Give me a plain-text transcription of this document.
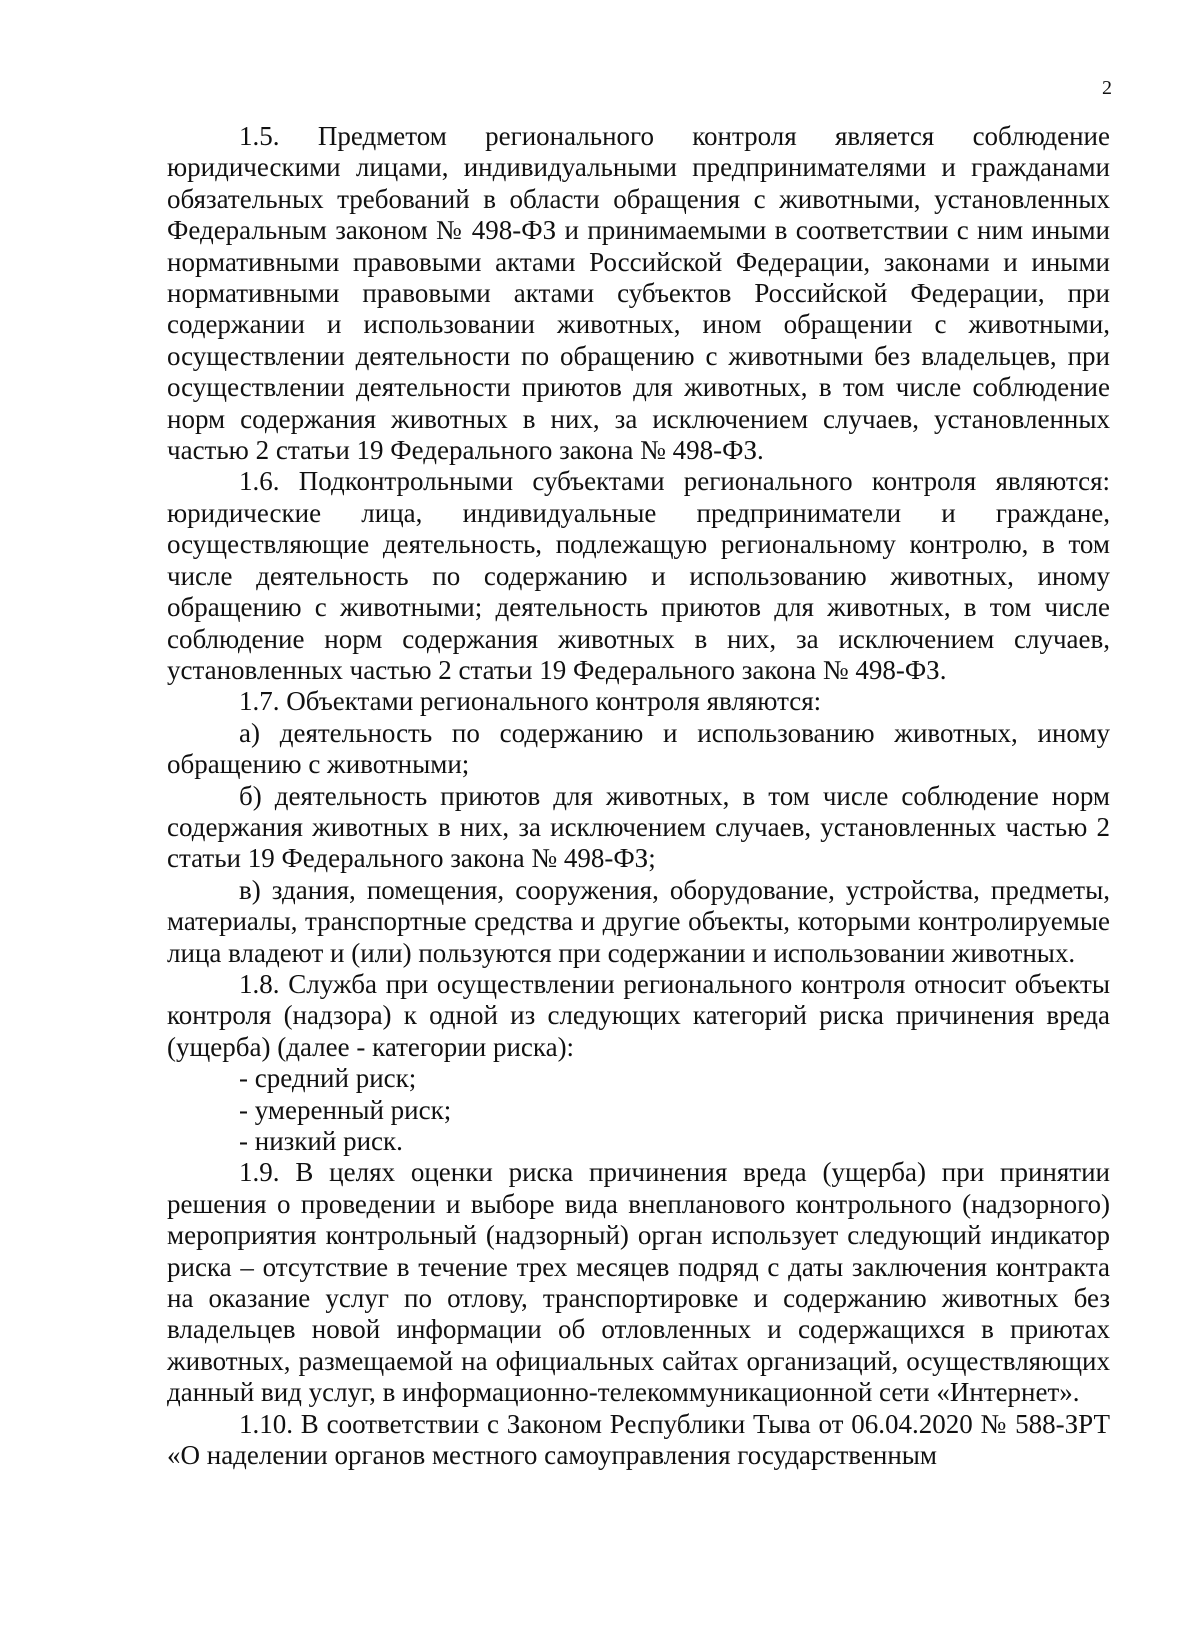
2

1.5. Предметом регионального контроля является соблюдение юридическими лицами, индивидуальными предпринимателями и гражданами обязательных требований в области обращения с животными, установленных Федеральным законом № 498-ФЗ и принимаемыми в соответствии с ним иными нормативными правовыми актами Российской Федерации, законами и иными нормативными правовыми актами субъектов Российской Федерации, при содержании и использовании животных, ином обращении с животными, осуществлении деятельности по обращению с животными без владельцев, при осуществлении деятельности приютов для животных, в том числе соблюдение норм содержания животных в них, за исключением случаев, установленных частью 2 статьи 19 Федерального закона № 498-ФЗ.

1.6. Подконтрольными субъектами регионального контроля являются: юридические лица, индивидуальные предприниматели и граждане, осуществляющие деятельность, подлежащую региональному контролю, в том числе деятельность по содержанию и использованию животных, иному обращению с животными; деятельность приютов для животных, в том числе соблюдение норм содержания животных в них, за исключением случаев, установленных частью 2 статьи 19 Федерального закона № 498-ФЗ.

1.7. Объектами регионального контроля являются:

а) деятельность по содержанию и использованию животных, иному обращению с животными;

б) деятельность приютов для животных, в том числе соблюдение норм содержания животных в них, за исключением случаев, установленных частью 2 статьи 19 Федерального закона № 498-ФЗ;

в) здания, помещения, сооружения, оборудование, устройства, предметы, материалы, транспортные средства и другие объекты, которыми контролируемые лица владеют и (или) пользуются при содержании и использовании животных.

1.8. Служба при осуществлении регионального контроля относит объекты контроля (надзора) к одной из следующих категорий риска причинения вреда (ущерба) (далее - категории риска):

- средний риск;

- умеренный риск;

- низкий риск.

1.9. В целях оценки риска причинения вреда (ущерба) при принятии решения о проведении и выборе вида внепланового контрольного (надзорного) мероприятия контрольный (надзорный) орган использует следующий индикатор риска – отсутствие в течение трех месяцев подряд с даты заключения контракта на оказание услуг по отлову, транспортировке и содержанию животных без владельцев новой информации об отловленных и содержащихся в приютах животных, размещаемой на официальных сайтах организаций, осуществляющих данный вид услуг, в информационно-телекоммуникационной сети «Интернет».

1.10. В соответствии с Законом Республики Тыва от 06.04.2020 № 588-ЗРТ «О наделении органов местного самоуправления государственным
